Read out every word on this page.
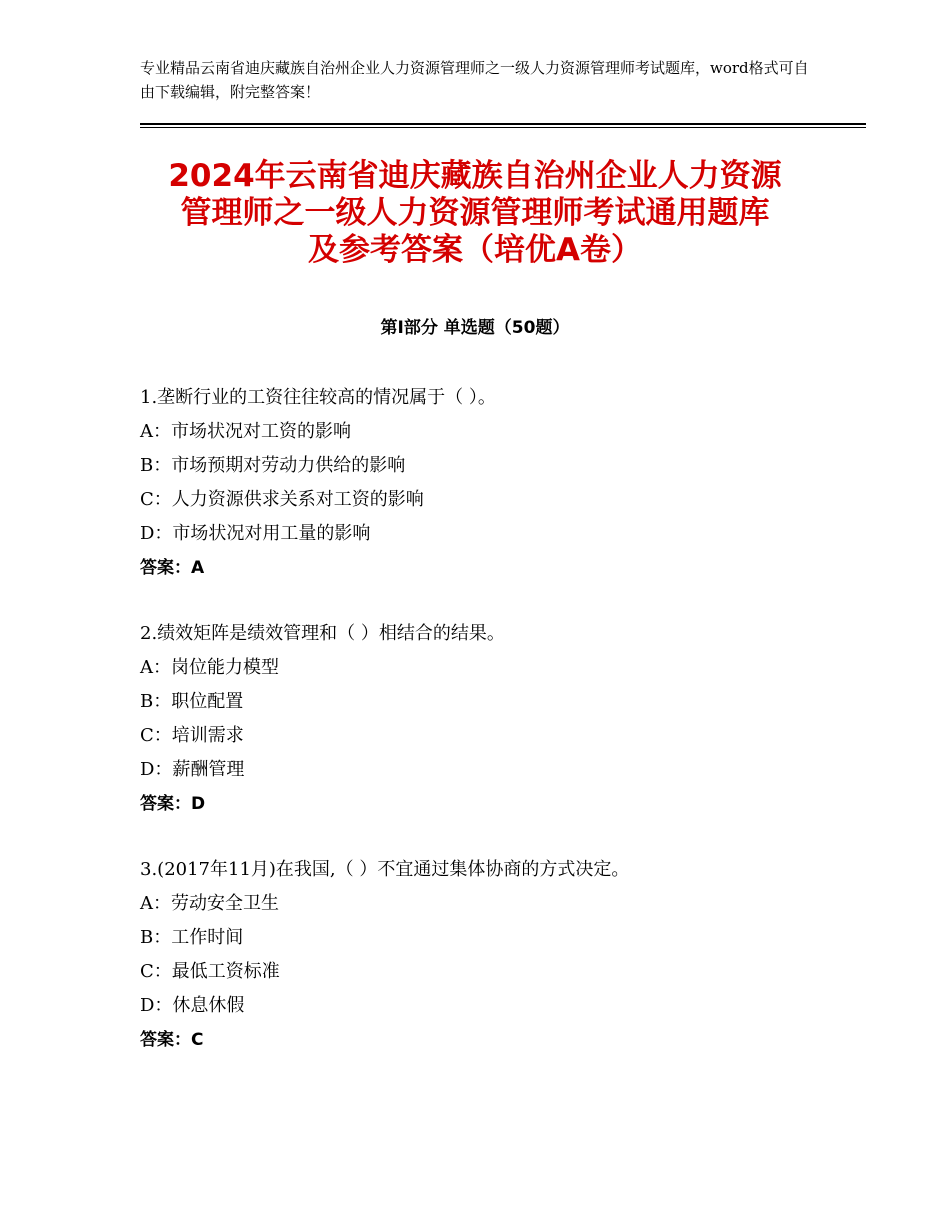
专业精品云南省迪庆藏族自治州企业人力资源管理师之一级人力资源管理师考试题库，word格式可自由下载编辑，附完整答案！
2024年云南省迪庆藏族自治州企业人力资源
管理师之一级人力资源管理师考试通用题库
及参考答案（培优A卷）
第Ⅰ部分 单选题（50题）
1.垄断行业的工资往往较高的情况属于（ ）。
A：市场状况对工资的影响
B：市场预期对劳动力供给的影响
C：人力资源供求关系对工资的影响
D：市场状况对用工量的影响
答案：A
2.绩效矩阵是绩效管理和（ ）相结合的结果。
A：岗位能力模型
B：职位配置
C：培训需求
D：薪酬管理
答案：D
3.(2017年11月)在我国,（ ）不宜通过集体协商的方式决定。
A：劳动安全卫生
B：工作时间
C：最低工资标准
D：休息休假
答案：C
